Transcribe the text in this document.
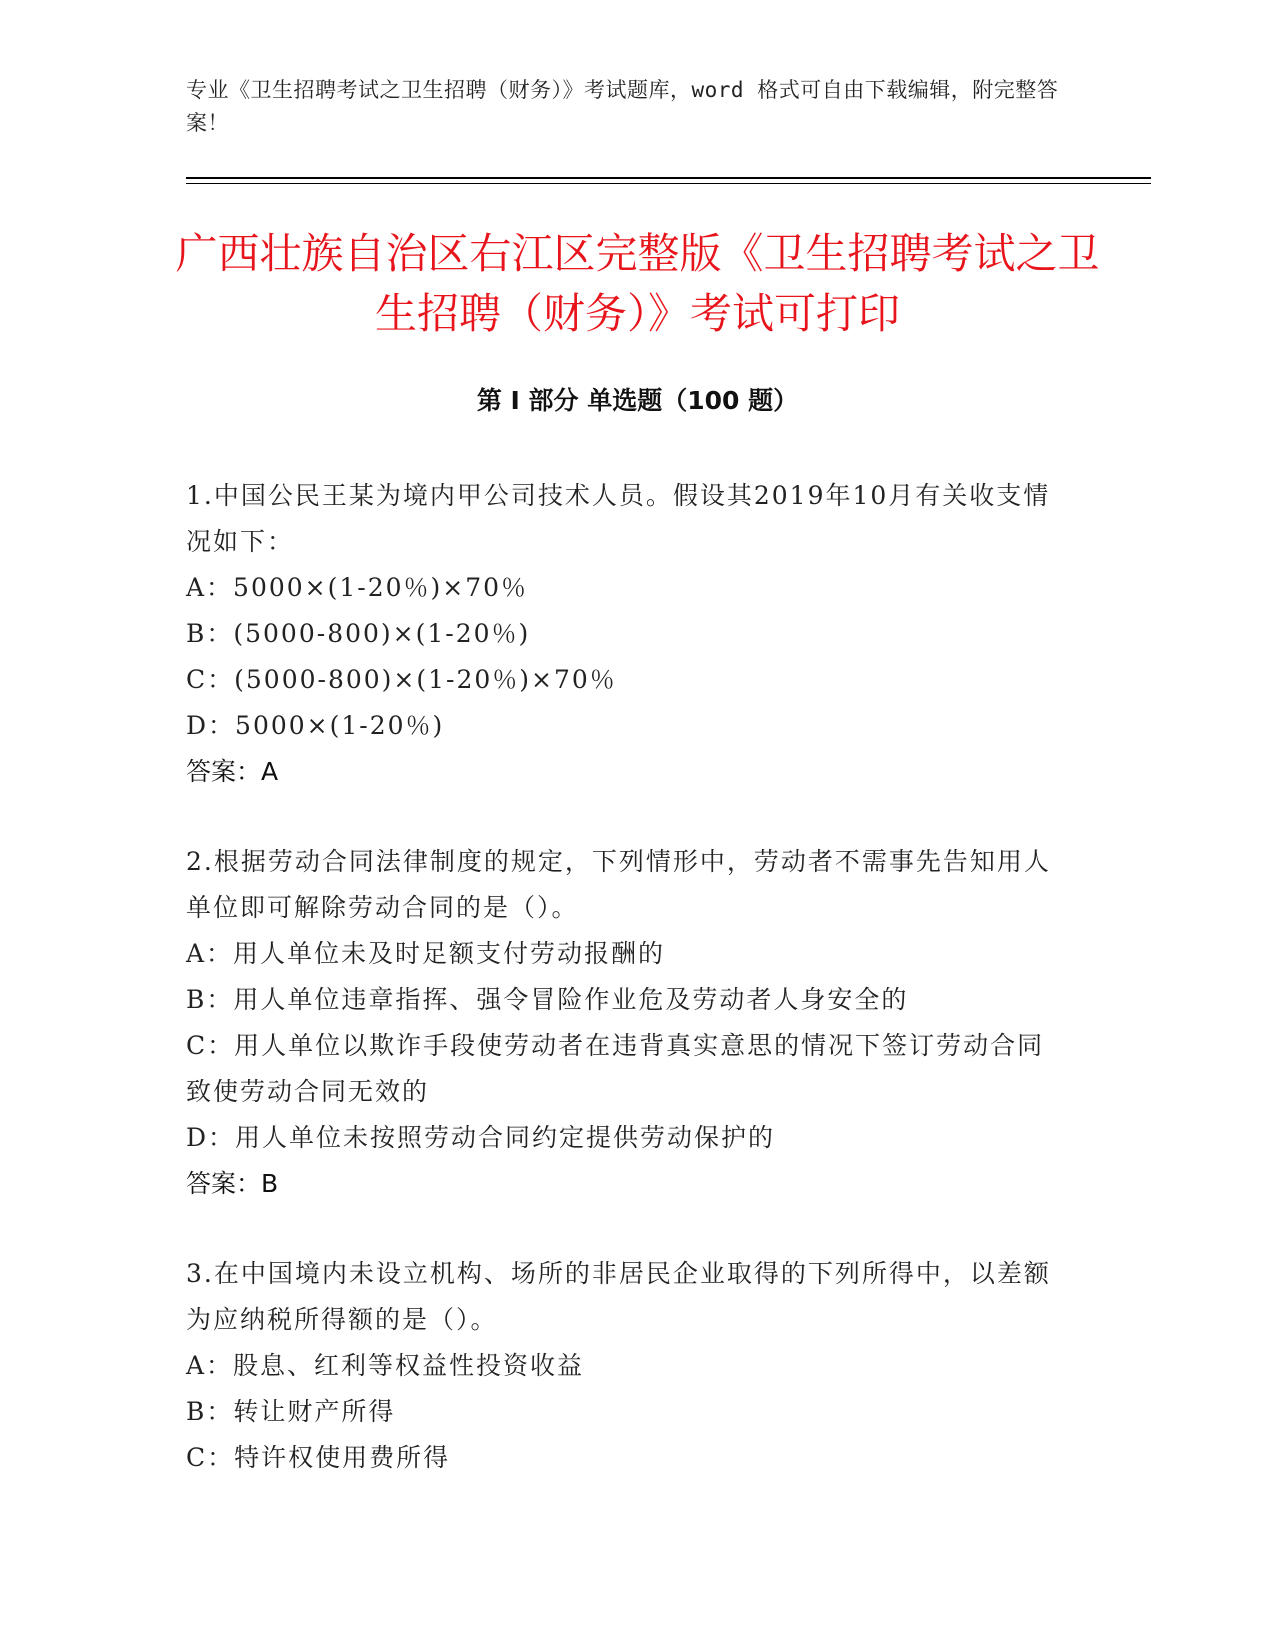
专业《卫生招聘考试之卫生招聘（财务）》考试题库，word 格式可自由下载编辑，附完整答案！
广西壮族自治区右江区完整版《卫生招聘考试之卫生招聘（财务）》考试可打印
第 I 部分 单选题（100 题）
1.中国公民王某为境内甲公司技术人员。假设其2019年10月有关收支情况如下：
A：5000×(1-20％)×70％
B：(5000-800)×(1-20％)
C：(5000-800)×(1-20％)×70％
D：5000×(1-20％)
答案：A
2.根据劳动合同法律制度的规定，下列情形中，劳动者不需事先告知用人单位即可解除劳动合同的是（）。
A：用人单位未及时足额支付劳动报酬的
B：用人单位违章指挥、强令冒险作业危及劳动者人身安全的
C：用人单位以欺诈手段使劳动者在违背真实意思的情况下签订劳动合同致使劳动合同无效的
D：用人单位未按照劳动合同约定提供劳动保护的
答案：B
3.在中国境内未设立机构、场所的非居民企业取得的下列所得中，以差额为应纳税所得额的是（）。
A：股息、红利等权益性投资收益
B：转让财产所得
C：特许权使用费所得
